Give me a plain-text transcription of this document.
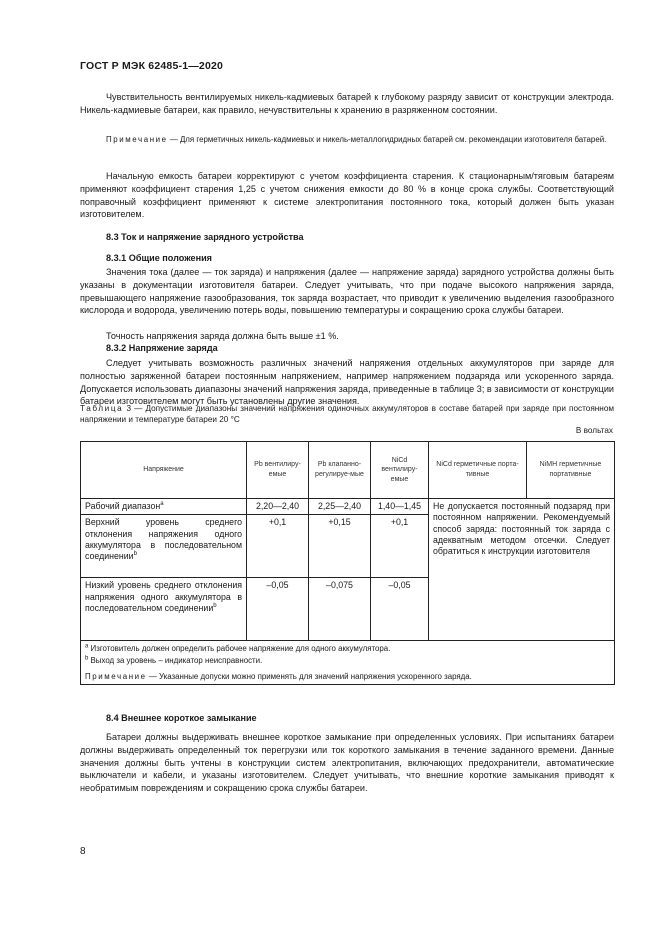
ГОСТ Р МЭК 62485-1—2020

Чувствительность вентилируемых никель-кадмиевых батарей к глубокому разряду зависит от конструкции электрода. Никель-кадмиевые батареи, как правило, нечувствительны к хранению в разряженном состоянии.

Примечание — Для герметичных никель-кадмиевых и никель-металлогидридных батарей см. рекомендации изготовителя батарей.

Начальную емкость батареи корректируют с учетом коэффициента старения. К стационарным/тяговым батареям применяют коэффициент старения 1,25 с учетом снижения емкости до 80 % в конце срока службы. Соответствующий поправочный коэффициент применяют к системе электропитания постоянного тока, который должен быть указан изготовителем.

8.3 Ток и напряжение зарядного устройства

8.3.1 Общие положения

Значения тока (далее — ток заряда) и напряжения (далее — напряжение заряда) зарядного устройства должны быть указаны в документации изготовителя батареи. Следует учитывать, что при подаче высокого напряжения заряда, превышающего напряжение газообразования, ток заряда возрастает, что приводит к увеличению выделения газообразного кислорода и водорода, увеличению потерь воды, повышению температуры и сокращению срока службы батареи.

Точность напряжения заряда должна быть выше ±1 %.

8.3.2 Напряжение заряда

Следует учитывать возможность различных значений напряжения отдельных аккумуляторов при заряде для полностью заряженной батареи постоянным напряжением, например напряжением подзаряда или ускоренного заряда. Допускается использовать диапазоны значений напряжения заряда, приведенные в таблице 3; в зависимости от конструкции батареи изготовителем могут быть установлены другие значения.

Таблица 3 — Допустимые диапазоны значений напряжения одиночных аккумуляторов в составе батарей при заряде при постоянном напряжении и температуре батареи 20 °С

В вольтах
Напряжение	Pb вентилиру-емые	Pb клапанно-регулируе-мые	NiCd вентилиру-емые	NiCd герметичные порта-тивные	NiMH герметичные портативные
Рабочий диапазон$^a$	2,20—2,40	2,25—2,40	1,40—1,45	Не допускается постоянный подзаряд при постоянном напряжении. Рекомендуемый способ заряда: постоянный ток заряда с адекватным методом отсечки. Следует обратиться к инструкции изготовителя	
Верхний уровень среднего отклонения напряжения одного аккумулятора в последовательном соединении$^b$	+0,1	+0,15	+0,1		
Низкий уровень среднего отклонения напряжения одного аккумулятора в последовательном соединении$^b$	–0,05	–0,075	–0,05		

$^a$ Изготовитель должен определить рабочее напряжение для одного аккумулятора.
$^b$ Выход за уровень – индикатор неисправности.
Примечание — Указанные допуски можно применять для значений напряжения ускоренного заряда.					

8.4 Внешнее короткое замыкание

Батареи должны выдерживать внешнее короткое замыкание при определенных условиях. При испытаниях батареи должны выдерживать определенный ток перегрузки или ток короткого замыкания в течение заданного времени. Данные значения должны быть учтены в конструкции систем электропитания, включающих предохранители, автоматические выключатели и кабели, и указаны изготовителем. Следует учитывать, что внешние короткие замыкания приводят к необратимым повреждениям и сокращению срока службы батареи.

8
